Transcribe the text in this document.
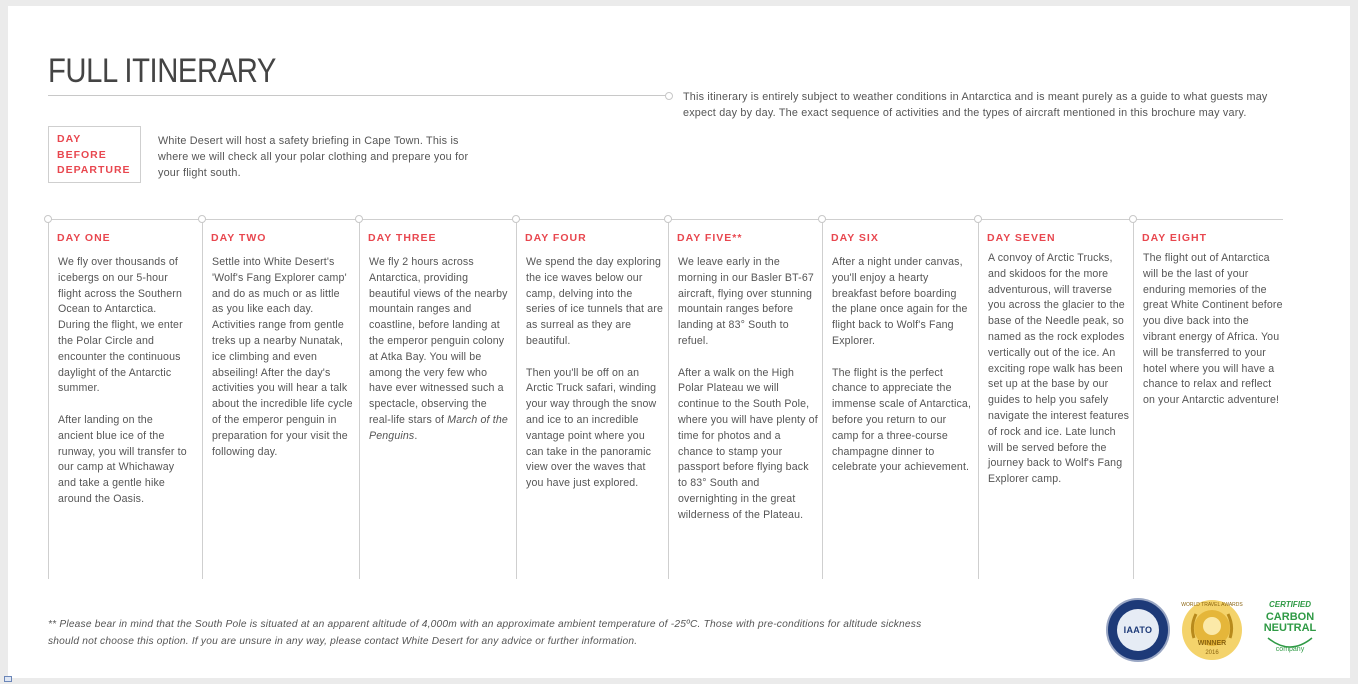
FULL ITINERARY
This itinerary is entirely subject to weather conditions in Antarctica and is meant purely as a guide to what guests may expect day by day. The exact sequence of activities and the types of aircraft mentioned in this brochure may vary.
DAY
BEFORE
DEPARTURE
White Desert will host a safety briefing in Cape Town. This is where we will check all your polar clothing and prepare you for your flight south.
DAY ONE

We fly over thousands of icebergs on our 5-hour flight across the Southern Ocean to Antarctica. During the flight, we enter the Polar Circle and encounter the continuous daylight of the Antarctic summer.

After landing on the ancient blue ice of the runway, you will transfer to our camp at Whichaway and take a gentle hike around the Oasis.

DAY TWO

Settle into White Desert's 'Wolf's Fang Explorer camp' and do as much or as little as you like each day. Activities range from gentle treks up a nearby Nunatak, ice climbing and even abseiling! After the day's activities you will hear a talk about the incredible life cycle of the emperor penguin in preparation for your visit the following day.

DAY THREE

We fly 2 hours across Antarctica, providing beautiful views of the nearby mountain ranges and coastline, before landing at the emperor penguin colony at Atka Bay. You will be among the very few who have ever witnessed such a spectacle, observing the real-life stars of March of the Penguins.

DAY FOUR

We spend the day exploring the ice waves below our camp, delving into the series of ice tunnels that are as surreal as they are beautiful.

Then you'll be off on an Arctic Truck safari, winding your way through the snow and ice to an incredible vantage point where you can take in the panoramic view over the waves that you have just explored.

DAY FIVE**

We leave early in the morning in our Basler BT-67 aircraft, flying over stunning mountain ranges before landing at 83° South to refuel.

After a walk on the High Polar Plateau we will continue to the South Pole, where you will have plenty of time for photos and a chance to stamp your passport before flying back to 83° South and overnighting in the great wilderness of the Plateau.

DAY SIX

After a night under canvas, you'll enjoy a hearty breakfast before boarding the plane once again for the flight back to Wolf's Fang Explorer.

The flight is the perfect chance to appreciate the immense scale of Antarctica, before you return to our camp for a three-course champagne dinner to celebrate your achievement.

DAY SEVEN

A convoy of Arctic Trucks, and skidoos for the more adventurous, will traverse you across the glacier to the base of the Needle peak, so named as the rock explodes vertically out of the ice. An exciting rope walk has been set up at the base by our guides to help you safely navigate the interest features of rock and ice. Late lunch will be served before the journey back to Wolf's Fang Explorer camp.

DAY EIGHT

The flight out of Antarctica will be the last of your enduring memories of the great White Continent before you dive back into the vibrant energy of Africa. You will be transferred to your hotel where you will have a chance to relax and reflect on your Antarctic adventure!

** Please bear in mind that the South Pole is situated at an apparent altitude of 4,000m with an approximate ambient temperature of -25ºC. Those with pre-conditions for altitude sickness should not choose this option. If you are unsure in any way, please contact White Desert for any advice or further information.
IAATO
WINNER
2016
WORLD TRAVEL AWARDS	CERTIFIED
CARBON
NEUTRAL
company
